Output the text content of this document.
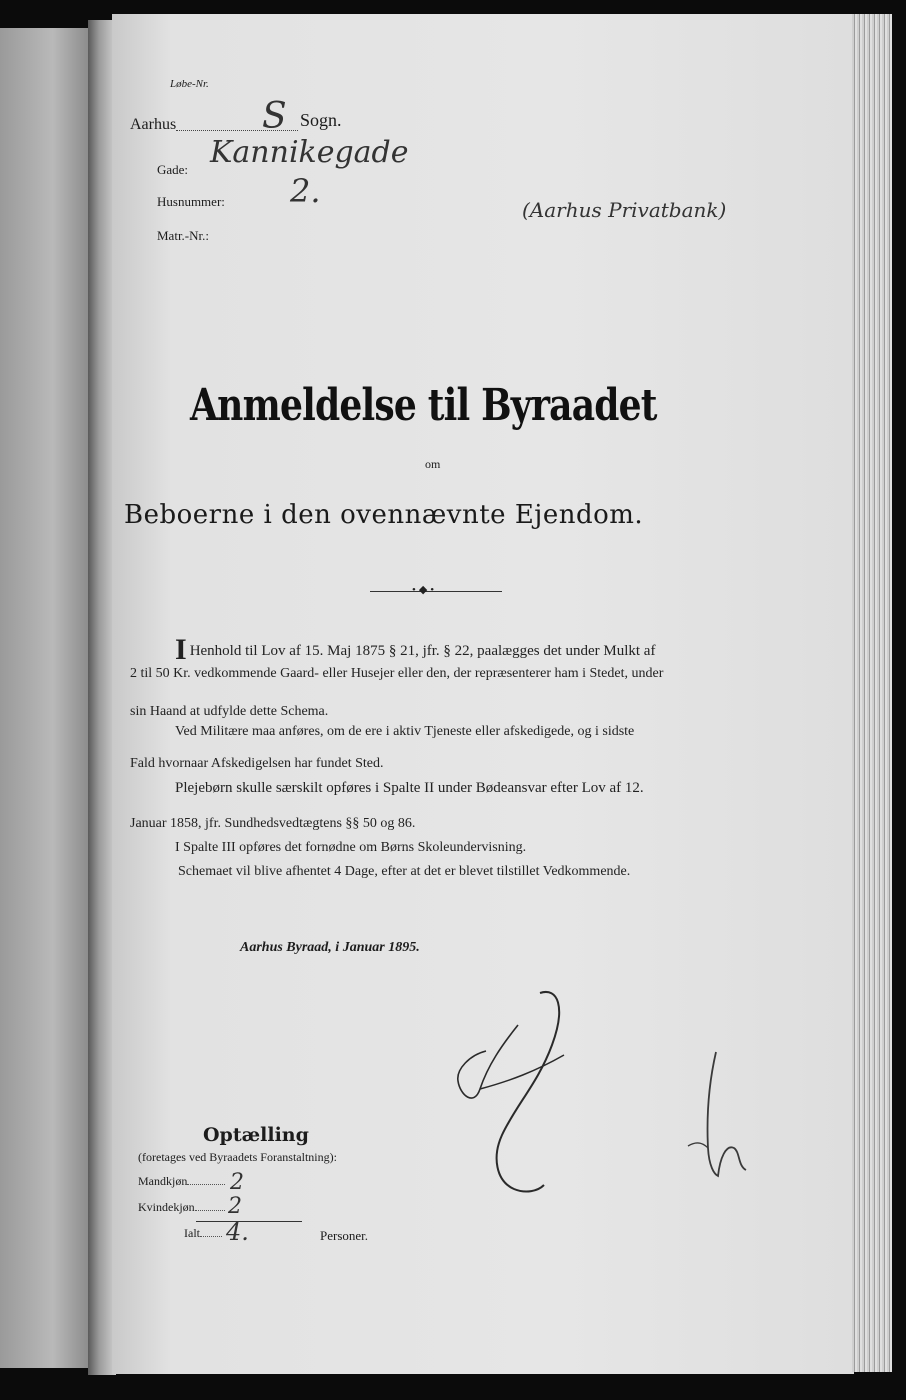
Løbe-Nr.
Aarhus S Sogn.
Gade: Kannikegade
Husnummer: 2.
Matr.-Nr.:
(Aarhus Privatbank)
Anmeldelse til Byraadet
om
Beboerne i den ovennævnte Ejendom.
•◆•
I Henhold til Lov af 15. Maj 1875 § 21, jfr. § 22, paalægges det under Mulkt af
2 til 50 Kr. vedkommende Gaard- eller Husejer eller den, der repræsenterer ham i Stedet, under
sin Haand at udfylde dette Schema.
Ved Militære maa anføres, om de ere i aktiv Tjeneste eller afskedigede, og i sidste
Fald hvornaar Afskedigelsen har fundet Sted.
Plejebørn skulle særskilt opføres i Spalte II under Bødeansvar efter Lov af 12.
Januar 1858, jfr. Sundhedsvedtægtens §§ 50 og 86.
I Spalte III opføres det fornødne om Børns Skoleundervisning.
Schemaet vil blive afhentet 4 Dage, efter at det er blevet tilstillet Vedkommende.
Aarhus Byraad, i Januar 1895.
Optælling
(foretages ved Byraadets Foranstaltning):
Mandkjøn	2
Kvindekjøn	2
Ialt	4.	Personer.
